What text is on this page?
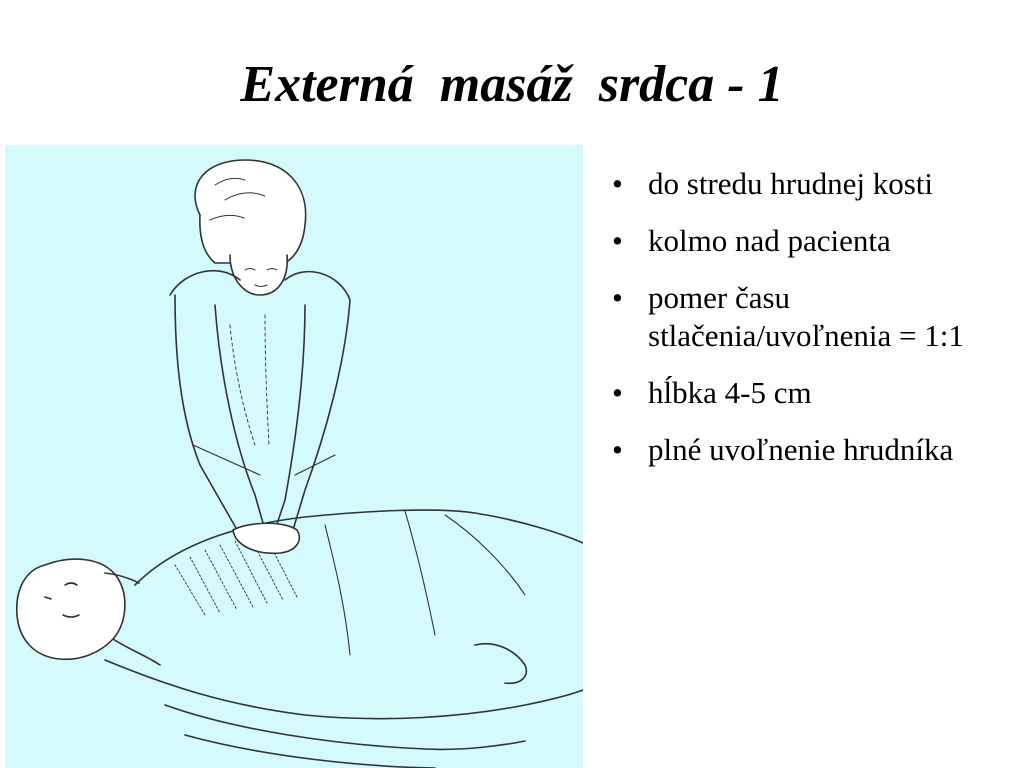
Externá  masáž  srdca - 1
• do stredu hrudnej kosti
• kolmo nad pacienta
• pomer času stlačenia/uvoľnenia = 1:1
• hĺbka 4-5 cm
• plné uvoľnenie hrudníka
